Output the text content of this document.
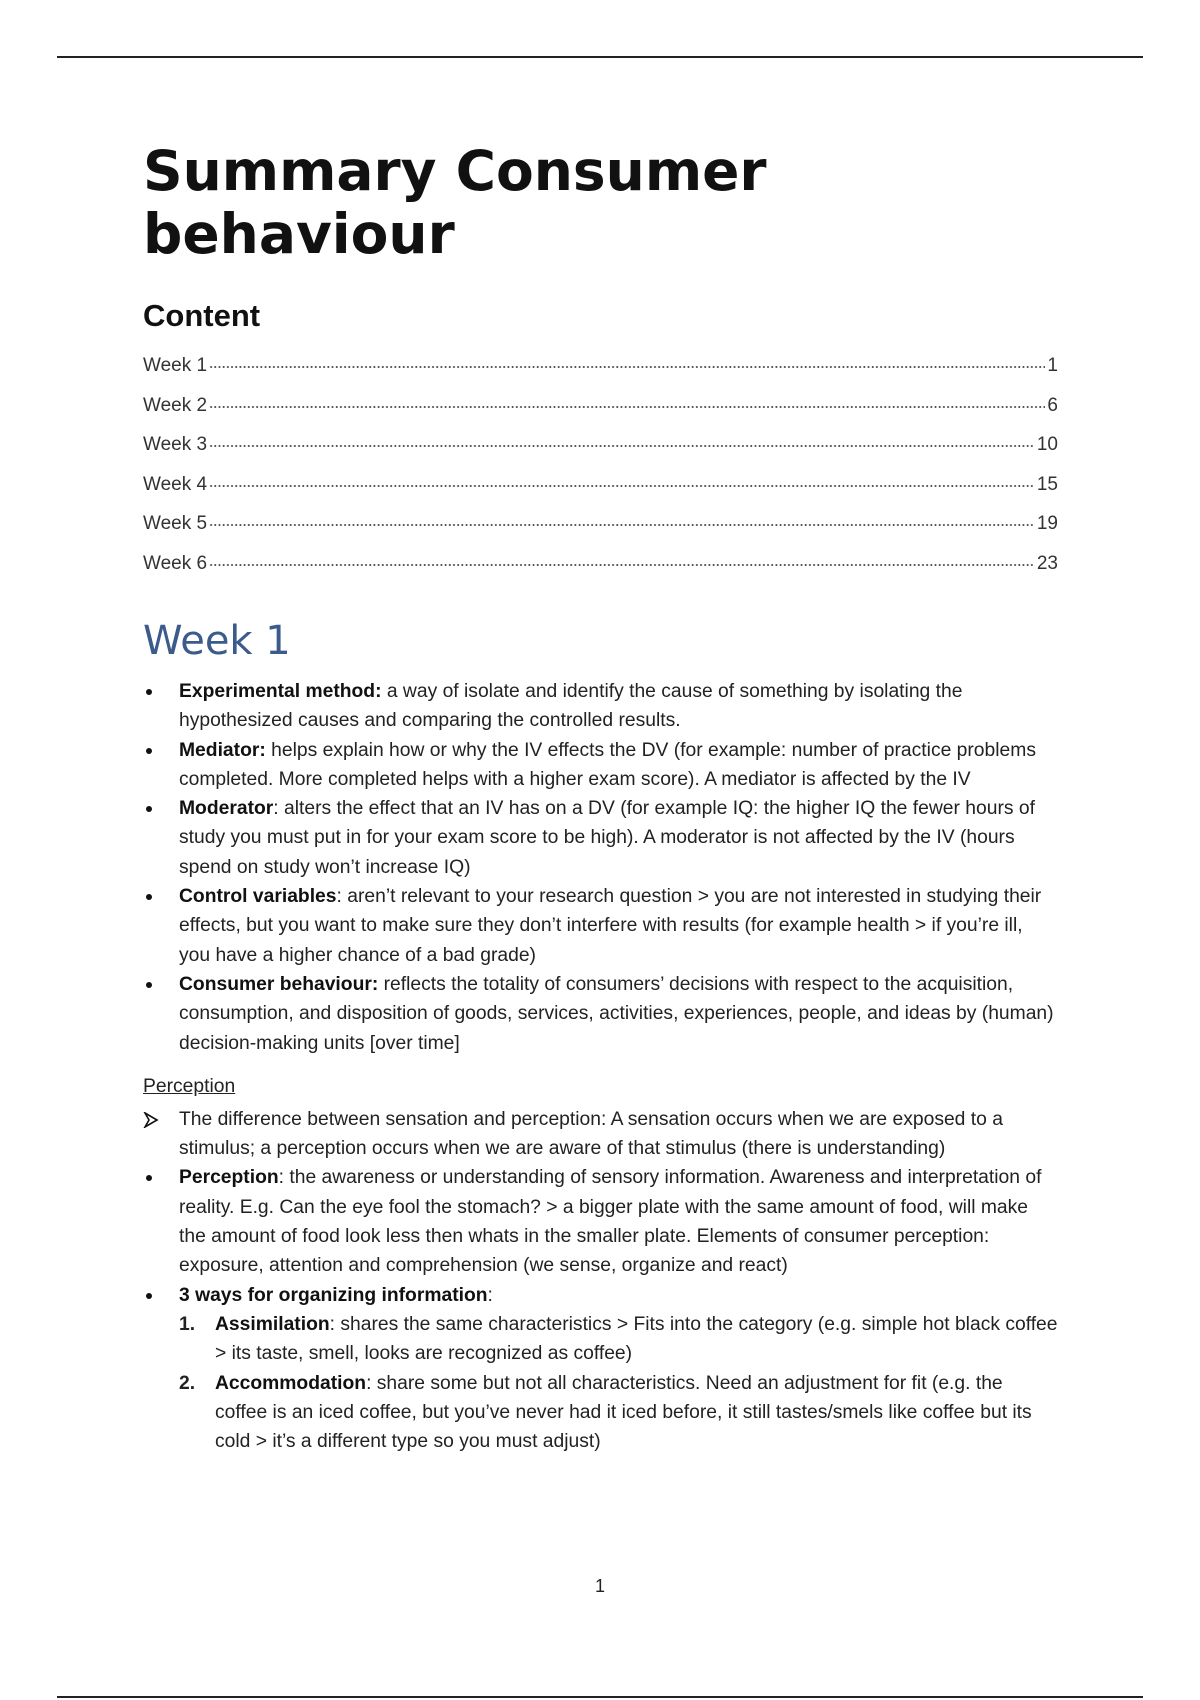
Summary Consumer behaviour
Content
Week 1	1
Week 2	6
Week 3	10
Week 4	15
Week 5	19
Week 6	23
Week 1
Experimental method: a way of isolate and identify the cause of something by isolating the hypothesized causes and comparing the controlled results.
Mediator: helps explain how or why the IV effects the DV (for example: number of practice problems completed. More completed helps with a higher exam score). A mediator is affected by the IV
Moderator: alters the effect that an IV has on a DV (for example IQ: the higher IQ the fewer hours of study you must put in for your exam score to be high). A moderator is not affected by the IV (hours spend on study won’t increase IQ)
Control variables: aren’t relevant to your research question > you are not interested in studying their effects, but you want to make sure they don’t interfere with results (for example health > if you’re ill, you have a higher chance of a bad grade)
Consumer behaviour: reflects the totality of consumers’ decisions with respect to the acquisition, consumption, and disposition of goods, services, activities, experiences, people, and ideas by (human) decision-making units [over time]
Perception
The difference between sensation and perception: A sensation occurs when we are exposed to a stimulus; a perception occurs when we are aware of that stimulus (there is understanding)
Perception: the awareness or understanding of sensory information. Awareness and interpretation of reality. E.g. Can the eye fool the stomach? > a bigger plate with the same amount of food, will make the amount of food look less then whats in the smaller plate. Elements of consumer perception: exposure, attention and comprehension (we sense, organize and react)
3 ways for organizing information:
1. Assimilation: shares the same characteristics > Fits into the category (e.g. simple hot black coffee > its taste, smell, looks are recognized as coffee)
2. Accommodation: share some but not all characteristics. Need an adjustment for fit (e.g. the coffee is an iced coffee, but you’ve never had it iced before, it still tastes/smels like coffee but its cold > it’s a different type so you must adjust)
1
